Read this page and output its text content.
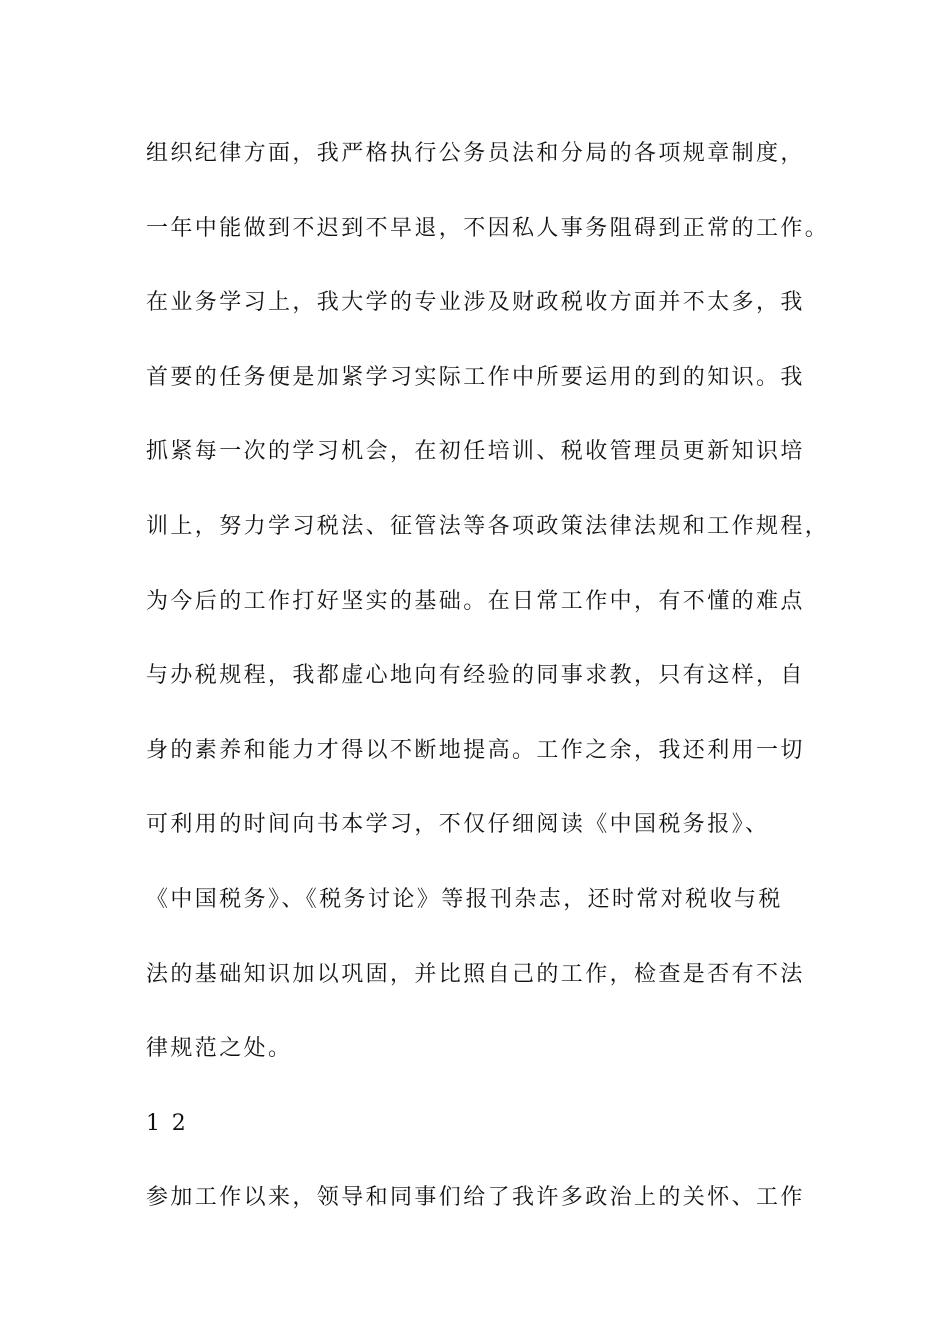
组织纪律方面，我严格执行公务员法和分局的各项规章制度，
一年中能做到不迟到不早退，不因私人事务阻碍到正常的工作。
在业务学习上，我大学的专业涉及财政税收方面并不太多，我
首要的任务便是加紧学习实际工作中所要运用的到的知识。我
抓紧每一次的学习机会，在初任培训、税收管理员更新知识培
训上，努力学习税法、征管法等各项政策法律法规和工作规程，
为今后的工作打好坚实的基础。在日常工作中，有不懂的难点
与办税规程，我都虚心地向有经验的同事求教，只有这样，自
身的素养和能力才得以不断地提高。工作之余，我还利用一切
可利用的时间向书本学习，不仅仔细阅读《中国税务报》、
《中国税务》、《税务讨论》等报刊杂志，还时常对税收与税
法的基础知识加以巩固，并比照自己的工作，检查是否有不法
律规范之处。
1 2
参加工作以来，领导和同事们给了我许多政治上的关怀、工作
